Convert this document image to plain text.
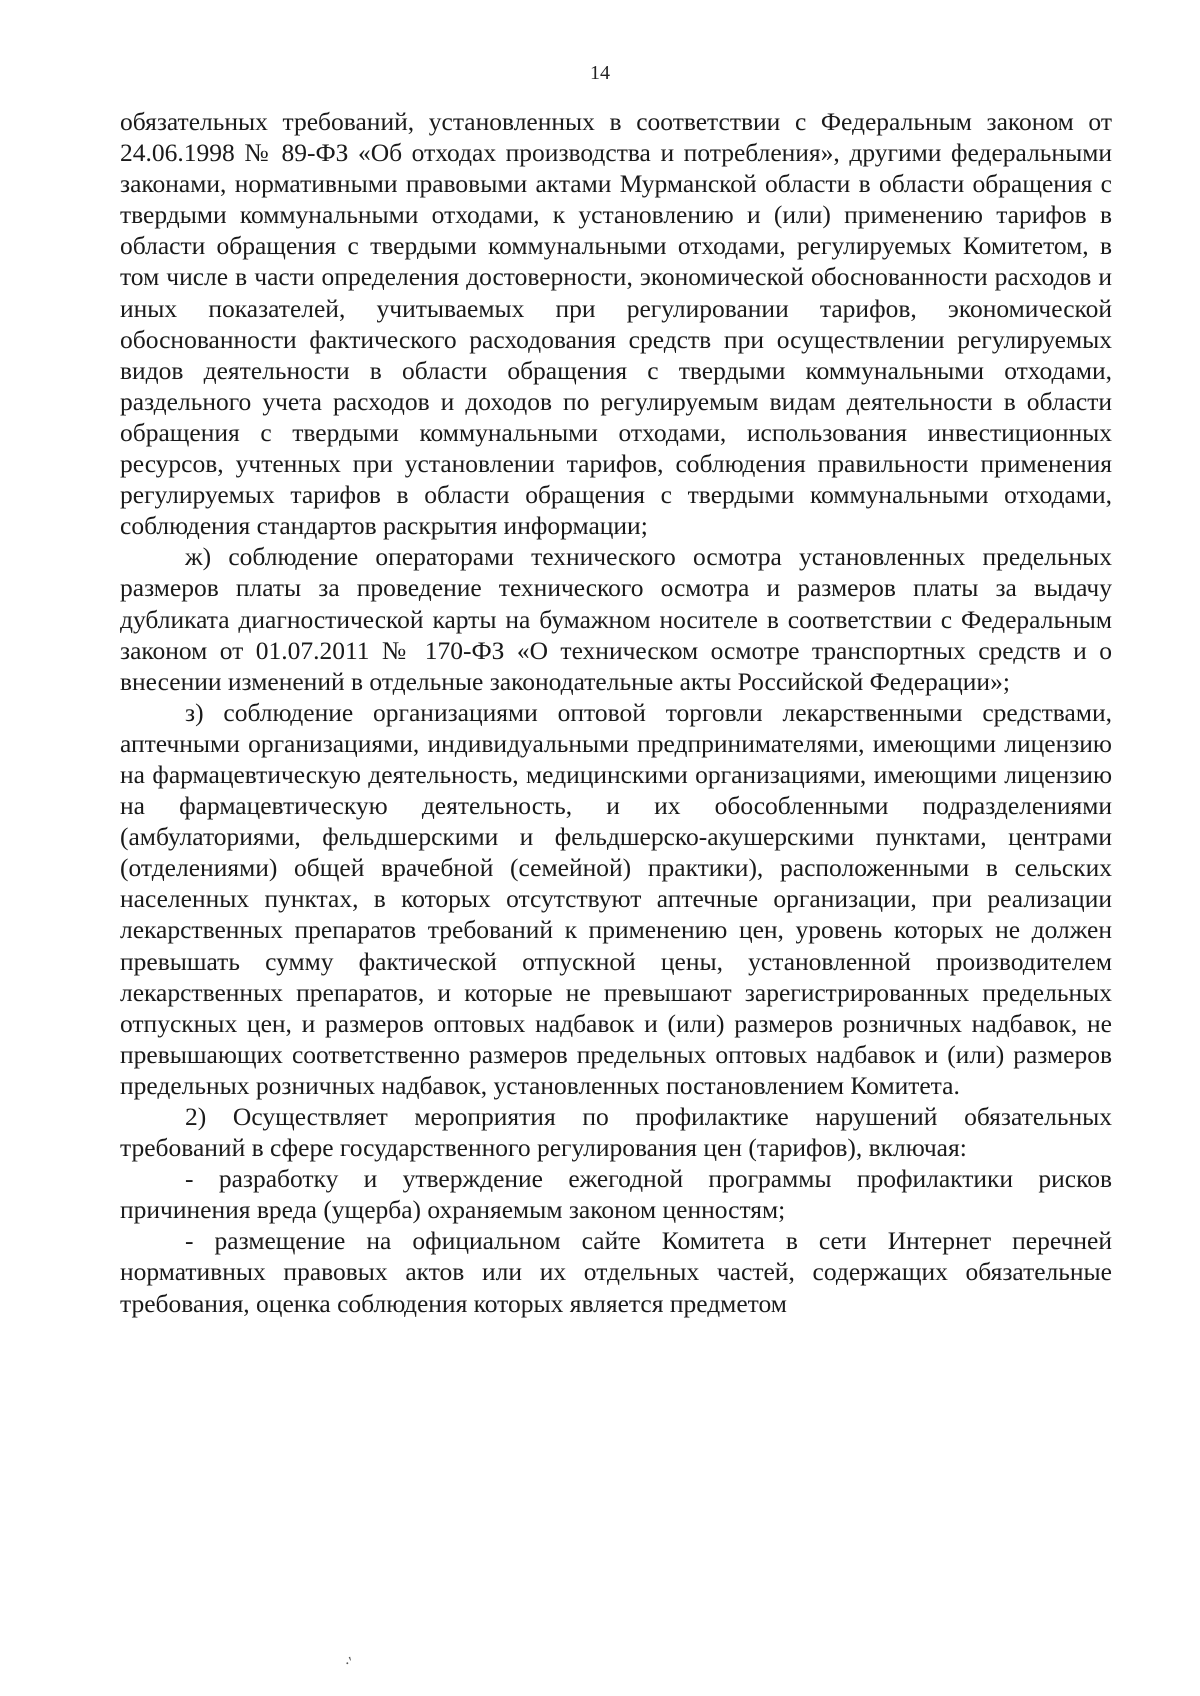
14

обязательных требований, установленных в соответствии с Федеральным законом от 24.06.1998 № 89-ФЗ «Об отходах производства и потребления», другими федеральными законами, нормативными правовыми актами Мурманской области в области обращения с твердыми коммунальными отходами, к установлению и (или) применению тарифов в области обращения с твердыми коммунальными отходами, регулируемых Комитетом, в том числе в части определения достоверности, экономической обоснованности расходов и иных показателей, учитываемых при регулировании тарифов, экономической обоснованности фактического расходования средств при осуществлении регулируемых видов деятельности в области обращения с твердыми коммунальными отходами, раздельного учета расходов и доходов по регулируемым видам деятельности в области обращения с твердыми коммунальными отходами, использования инвестиционных ресурсов, учтенных при установлении тарифов, соблюдения правильности применения регулируемых тарифов в области обращения с твердыми коммунальными отходами, соблюдения стандартов раскрытия информации;

ж) соблюдение операторами технического осмотра установленных предельных размеров платы за проведение технического осмотра и размеров платы за выдачу дубликата диагностической карты на бумажном носителе в соответствии с Федеральным законом от 01.07.2011 № 170-ФЗ «О техническом осмотре транспортных средств и о внесении изменений в отдельные законодательные акты Российской Федерации»;

з) соблюдение организациями оптовой торговли лекарственными средствами, аптечными организациями, индивидуальными предпринимателями, имеющими лицензию на фармацевтическую деятельность, медицинскими организациями, имеющими лицензию на фармацевтическую деятельность, и их обособленными подразделениями (амбулаториями, фельдшерскими и фельдшерско-акушерскими пунктами, центрами (отделениями) общей врачебной (семейной) практики), расположенными в сельских населенных пунктах, в которых отсутствуют аптечные организации, при реализации лекарственных препаратов требований к применению цен, уровень которых не должен превышать сумму фактической отпускной цены, установленной производителем лекарственных препаратов, и которые не превышают зарегистрированных предельных отпускных цен, и размеров оптовых надбавок и (или) размеров розничных надбавок, не превышающих соответственно размеров предельных оптовых надбавок и (или) размеров предельных розничных надбавок, установленных постановлением Комитета.

2) Осуществляет мероприятия по профилактике нарушений обязательных требований в сфере государственного регулирования цен (тарифов), включая:

- разработку и утверждение ежегодной программы профилактики рисков причинения вреда (ущерба) охраняемым законом ценностям;

- размещение на официальном сайте Комитета в сети Интернет перечней нормативных правовых актов или их отдельных частей, содержащих обязательные требования, оценка соблюдения которых является предметом

·'
